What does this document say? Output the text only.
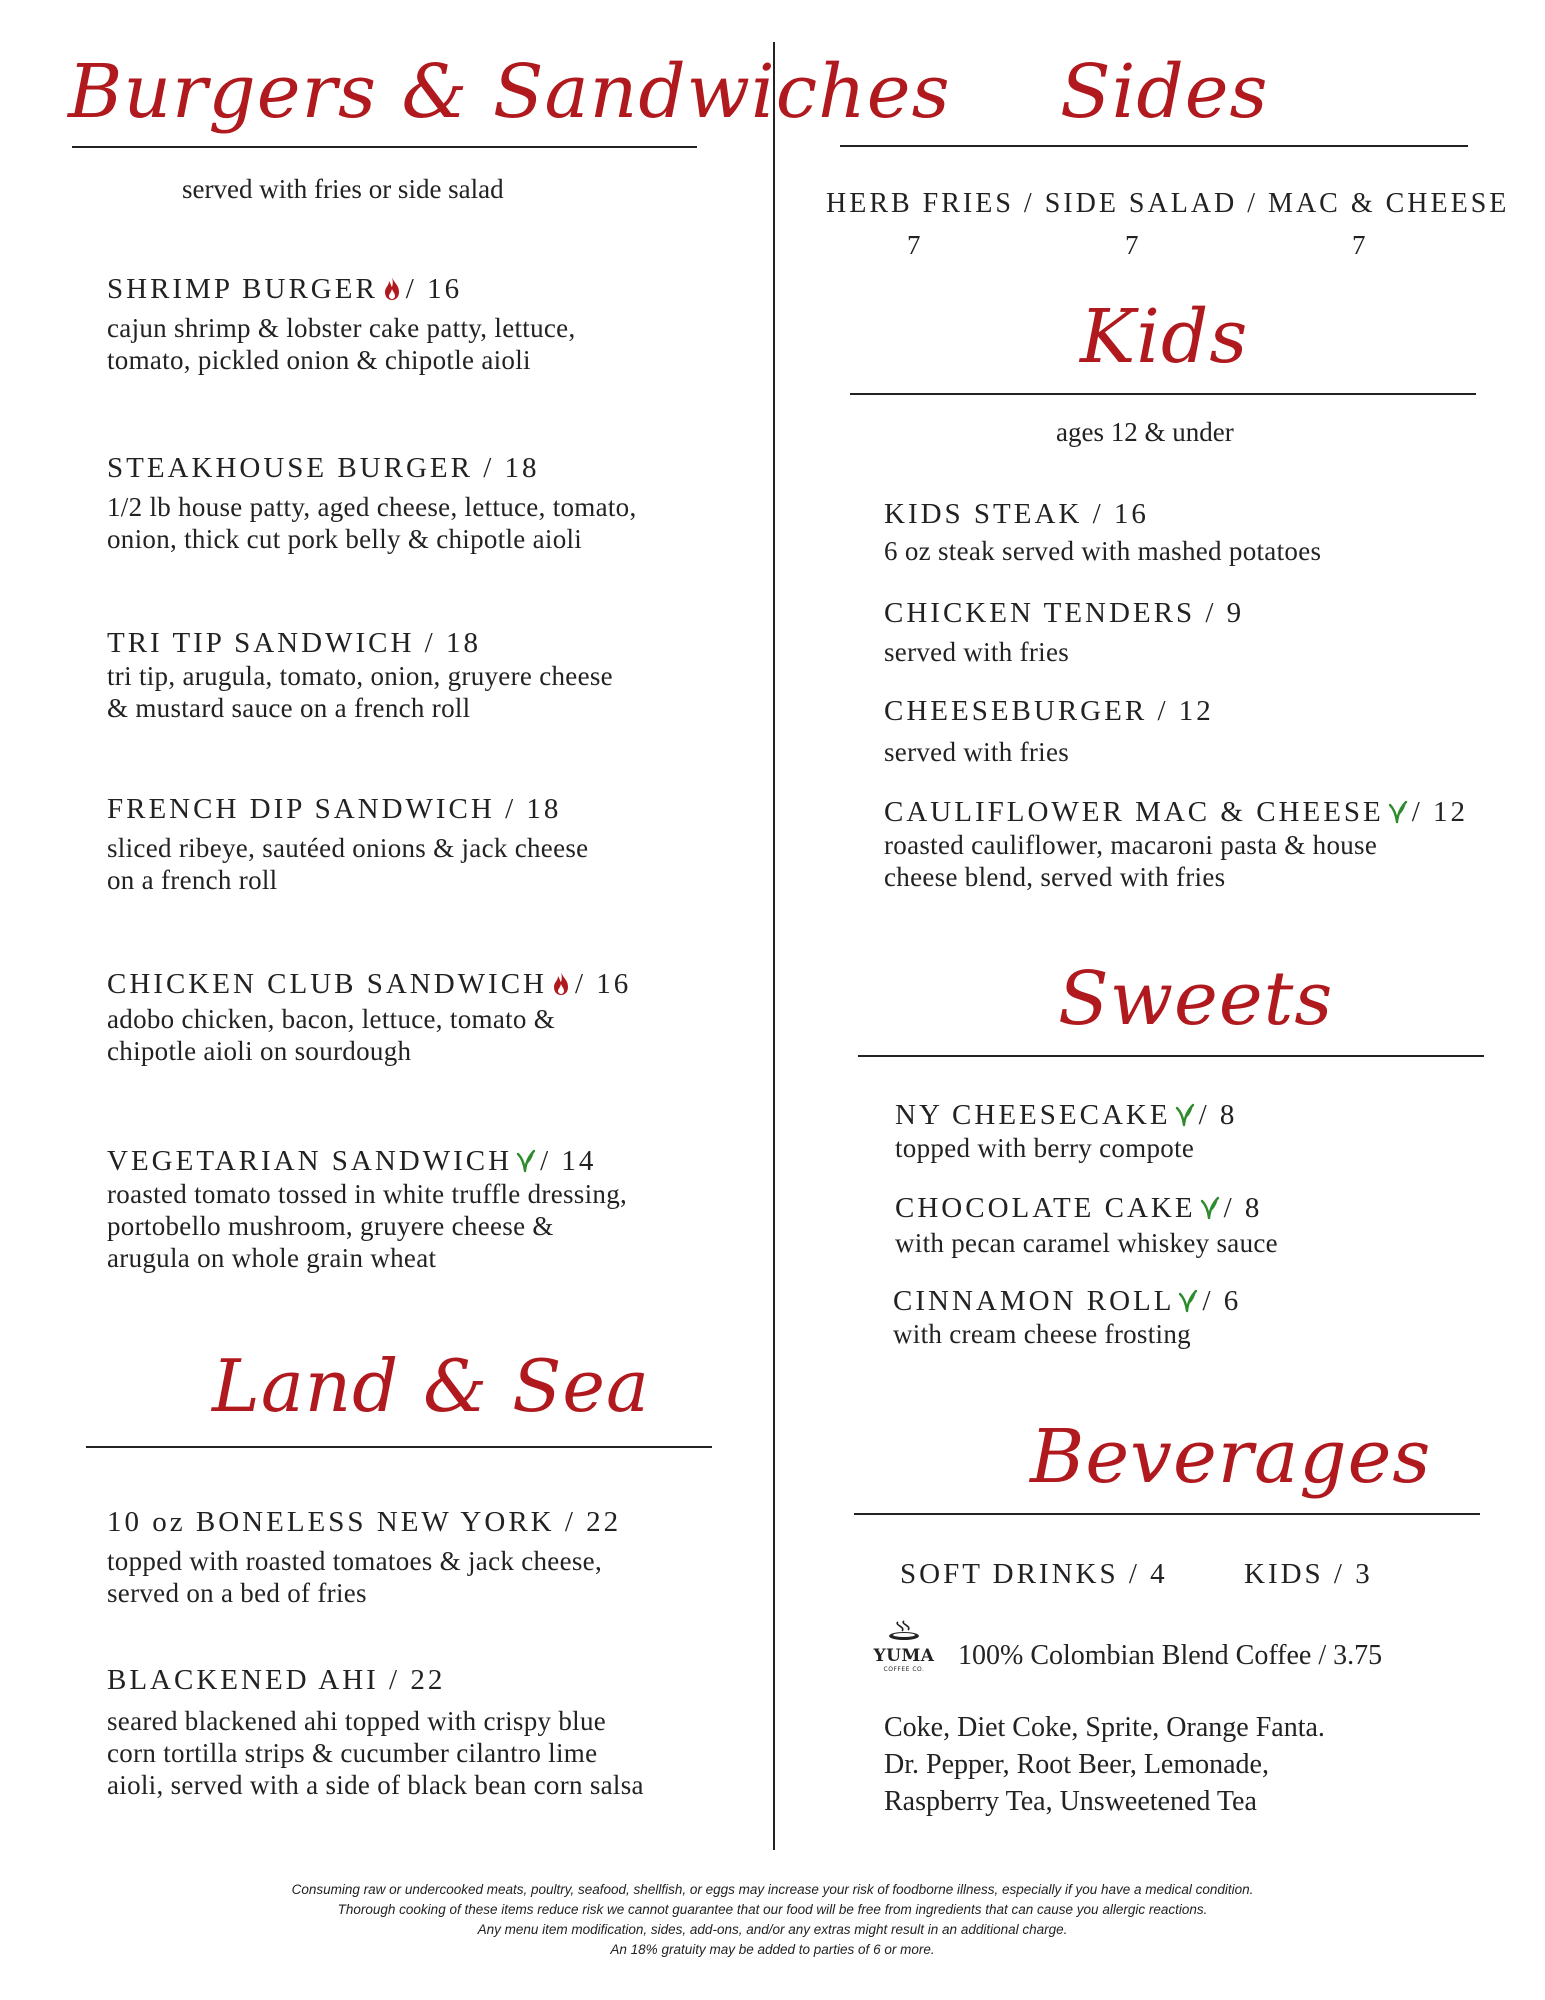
Burgers & Sandwiches
served with fries or side salad
SHRIMP BURGER / 16
cajun shrimp & lobster cake patty, lettuce,
tomato, pickled onion & chipotle aioli
STEAKHOUSE BURGER / 18
1/2 lb house patty, aged cheese, lettuce, tomato,
onion, thick cut pork belly & chipotle aioli
TRI TIP SANDWICH / 18
tri tip, arugula, tomato, onion, gruyere cheese
& mustard sauce on a french roll
FRENCH DIP SANDWICH / 18
sliced ribeye, sautéed onions & jack cheese
on a french roll
CHICKEN CLUB SANDWICH / 16
adobo chicken, bacon, lettuce, tomato &
chipotle aioli on sourdough
VEGETARIAN SANDWICH / 14
roasted tomato tossed in white truffle dressing,
portobello mushroom, gruyere cheese &
arugula on whole grain wheat
Land & Sea
10 oz BONELESS NEW YORK / 22
topped with roasted tomatoes & jack cheese,
served on a bed of fries
BLACKENED AHI / 22
seared blackened ahi topped with crispy blue
corn tortilla strips & cucumber cilantro lime
aioli, served with a side of black bean corn salsa
Sides
HERB FRIES / SIDE SALAD / MAC & CHEESE
7	7	7
Kids
ages 12 & under
KIDS STEAK / 16
6 oz steak served with mashed potatoes
CHICKEN TENDERS / 9
served with fries
CHEESEBURGER / 12
served with fries
CAULIFLOWER MAC & CHEESE / 12
roasted cauliflower, macaroni pasta & house
cheese blend, served with fries
Sweets
NY CHEESECAKE / 8
topped with berry compote
CHOCOLATE CAKE / 8
with pecan caramel whiskey sauce
CINNAMON ROLL / 6
with cream cheese frosting
Beverages
SOFT DRINKS / 4	KIDS / 3
YUMA
COFFEE CO.	100% Colombian Blend Coffee / 3.75
Coke, Diet Coke, Sprite, Orange Fanta.
Dr. Pepper, Root Beer, Lemonade,
Raspberry Tea, Unsweetened Tea
Consuming raw or undercooked meats, poultry, seafood, shellfish, or eggs may increase your risk of foodborne illness, especially if you have a medical condition.
Thorough cooking of these items reduce risk we cannot guarantee that our food will be free from ingredients that can cause you allergic reactions.
Any menu item modification, sides, add-ons, and/or any extras might result in an additional charge.
An 18% gratuity may be added to parties of 6 or more.
